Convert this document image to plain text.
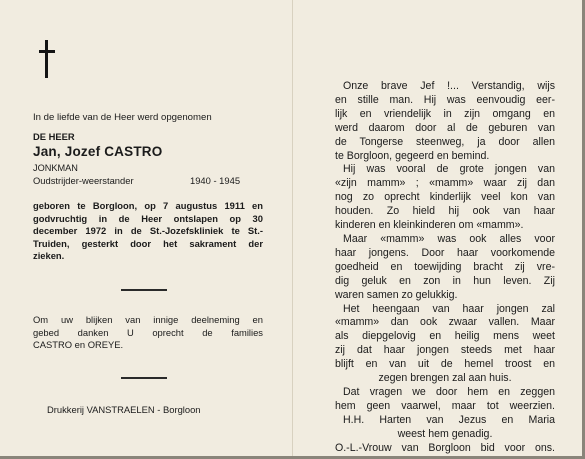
In de liefde van de Heer werd opgenomen
DE HEER
Jan, Jozef CASTRO
JONKMAN
Oudstrijder-weerstander	1940 - 1945
geboren te Borgloon, op 7 augustus 1911 en
godvruchtig in de Heer ontslapen op 30
december 1972 in de St.-Jozefskliniek te St.-
Truiden, gesterkt door het sakrament der
zieken.
Om uw blijken van innige deelneming en
gebed danken U oprecht de families
CASTRO en OREYE.
Drukkerij VANSTRAELEN - Borgloon
Onze brave Jef !... Verstandig, wijs
en stille man. Hij was eenvoudig eer-
lijk en vriendelijk in zijn omgang en
werd daarom door al de geburen van
de Tongerse steenweg, ja door allen
te Borgloon, gegeerd en bemind.
Hij was vooral de grote jongen van
«zijn mamm» ; «mamm» waar zij dan
nog zo oprecht kinderlijk veel kon van
houden. Zo hield hij ook van haar
kinderen en kleinkinderen om «mamm».
Maar «mamm» was ook alles voor
haar jongens. Door haar voorkomende
goedheid en toewijding bracht zij vre-
dig geluk en zon in hun leven. Zij
waren samen zo gelukkig.
Het heengaan van haar jongen zal
«mamm» dan ook zwaar vallen. Maar
als diepgelovig en heilig mens weet
zij dat haar jongen steeds met haar
blijft en van uit de hemel troost en
zegen brengen zal aan huis.
Dat vragen we door hem en zeggen
hem geen vaarwel, maar tot weerzien.
H.H. Harten van Jezus en Maria
weest hem genadig.
O.-L.-Vrouw van Borgloon bid voor ons.
